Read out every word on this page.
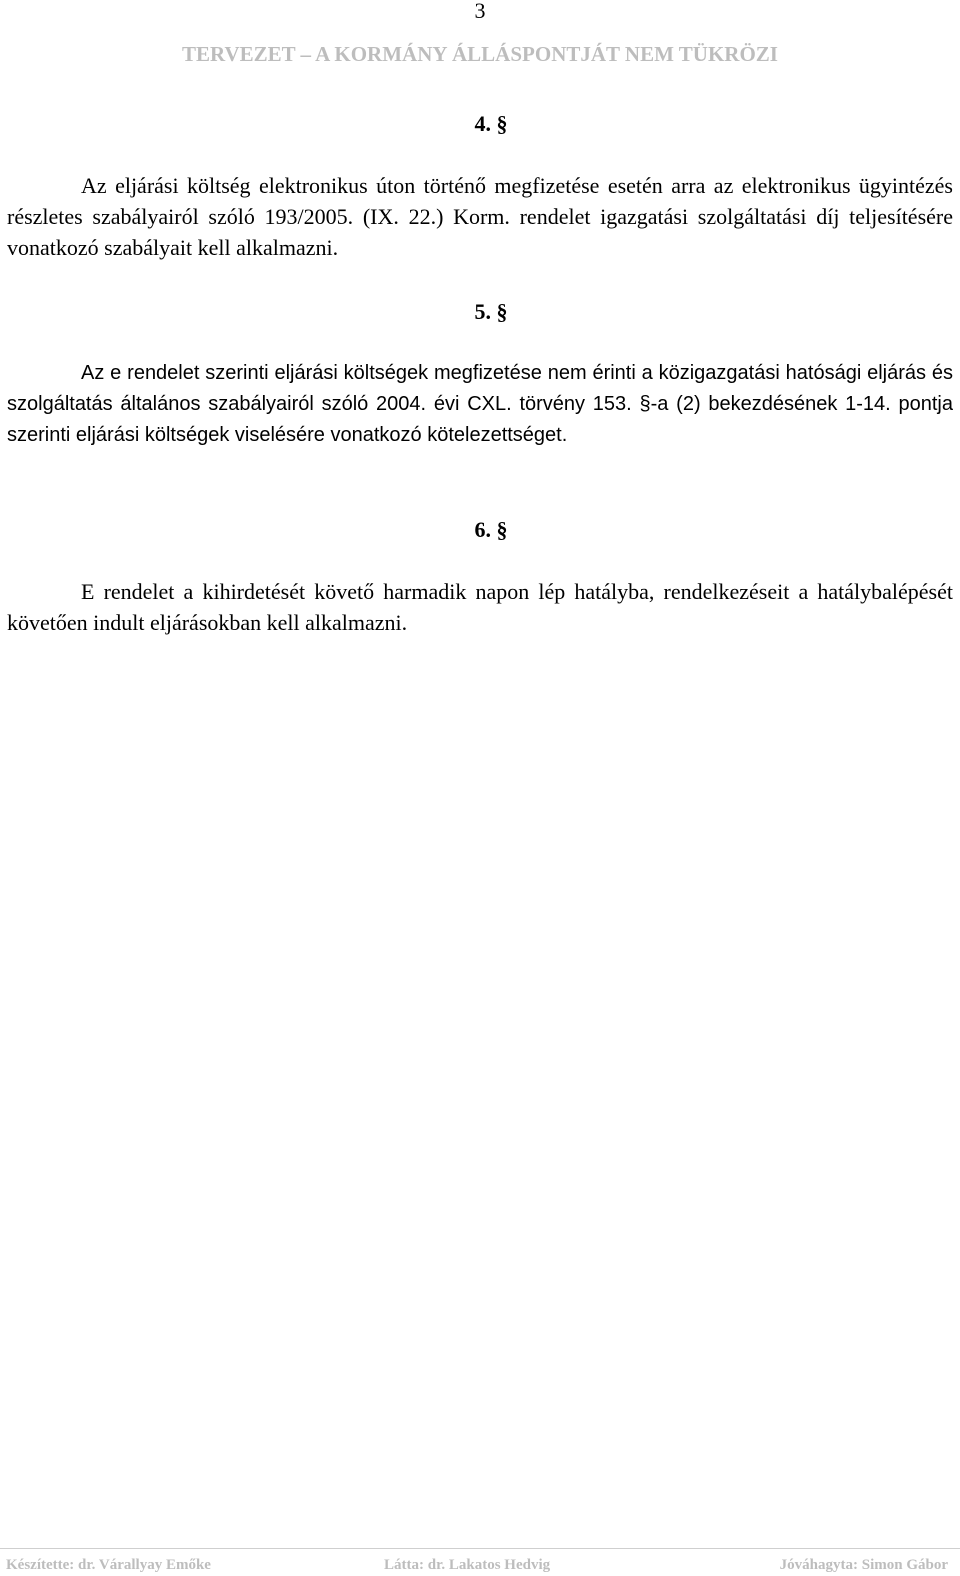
3
TERVEZET – A KORMÁNY ÁLLÁSPONTJÁT NEM TÜKRÖZI
4. §
Az eljárási költség elektronikus úton történő megfizetése esetén arra az elektronikus ügyintézés részletes szabályairól szóló 193/2005. (IX. 22.) Korm. rendelet igazgatási szolgáltatási díj teljesítésére vonatkozó szabályait kell alkalmazni.
5. §
Az e rendelet szerinti eljárási költségek megfizetése nem érinti a közigazgatási hatósági eljárás és szolgáltatás általános szabályairól szóló 2004. évi CXL. törvény 153. §-a (2) bekezdésének 1-14. pontja szerinti eljárási költségek viselésére vonatkozó kötelezettséget.
6. §
E rendelet a kihirdetését követő harmadik napon lép hatályba, rendelkezéseit a hatálybalépését követően indult eljárásokban kell alkalmazni.
Készítette: dr. Várallyay Emőke	Látta: dr. Lakatos Hedvig	Jóváhagyta: Simon Gábor
